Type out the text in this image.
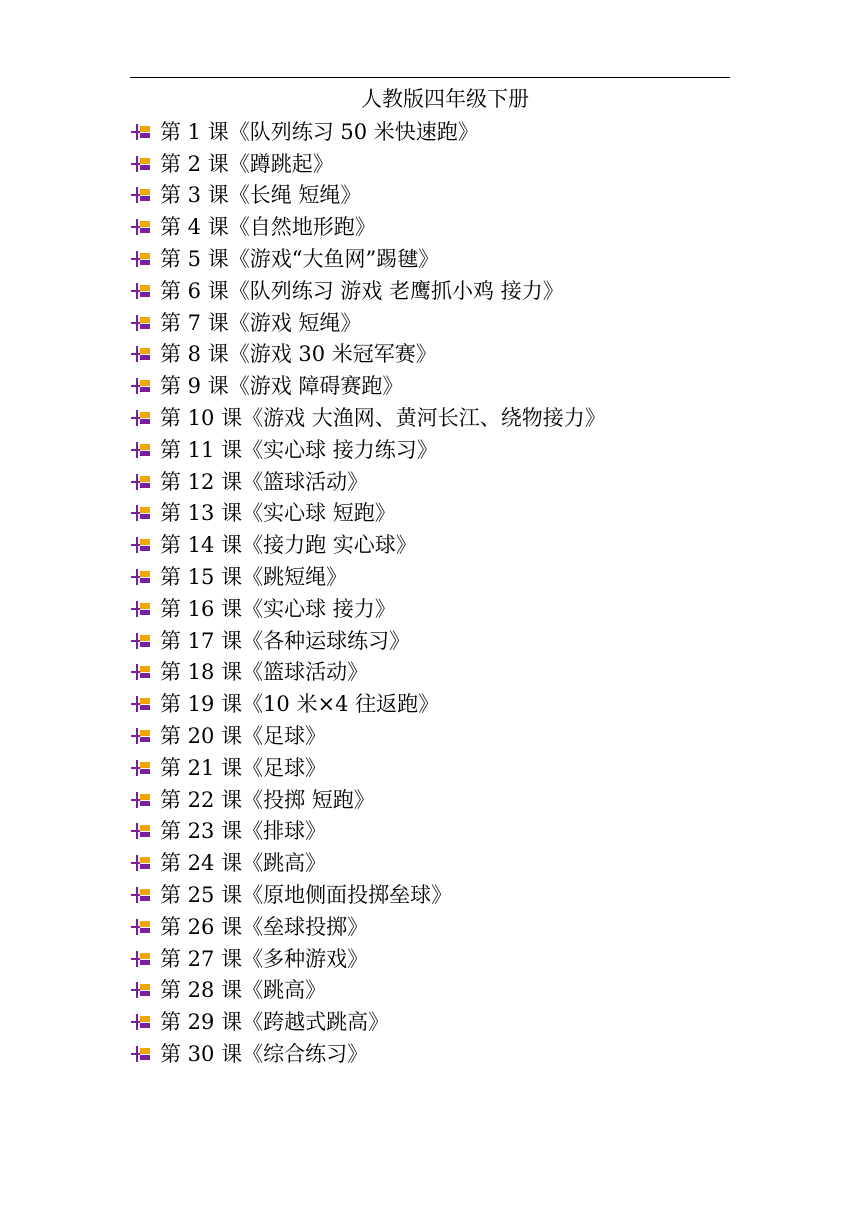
人教版四年级下册
第 1 课《队列练习 50 米快速跑》
第 2 课《蹲跳起》
第 3 课《长绳 短绳》
第 4 课《自然地形跑》
第 5 课《游戏“大鱼网”踢毽》
第 6 课《队列练习 游戏 老鹰抓小鸡 接力》
第 7 课《游戏 短绳》
第 8 课《游戏 30 米冠军赛》
第 9 课《游戏 障碍赛跑》
第 10 课《游戏 大渔网、黄河长江、绕物接力》
第 11 课《实心球 接力练习》
第 12 课《篮球活动》
第 13 课《实心球 短跑》
第 14 课《接力跑 实心球》
第 15 课《跳短绳》
第 16 课《实心球 接力》
第 17 课《各种运球练习》
第 18 课《篮球活动》
第 19 课《10 米×4 往返跑》
第 20 课《足球》
第 21 课《足球》
第 22 课《投掷 短跑》
第 23 课《排球》
第 24 课《跳高》
第 25 课《原地侧面投掷垒球》
第 26 课《垒球投掷》
第 27 课《多种游戏》
第 28 课《跳高》
第 29 课《跨越式跳高》
第 30 课《综合练习》
